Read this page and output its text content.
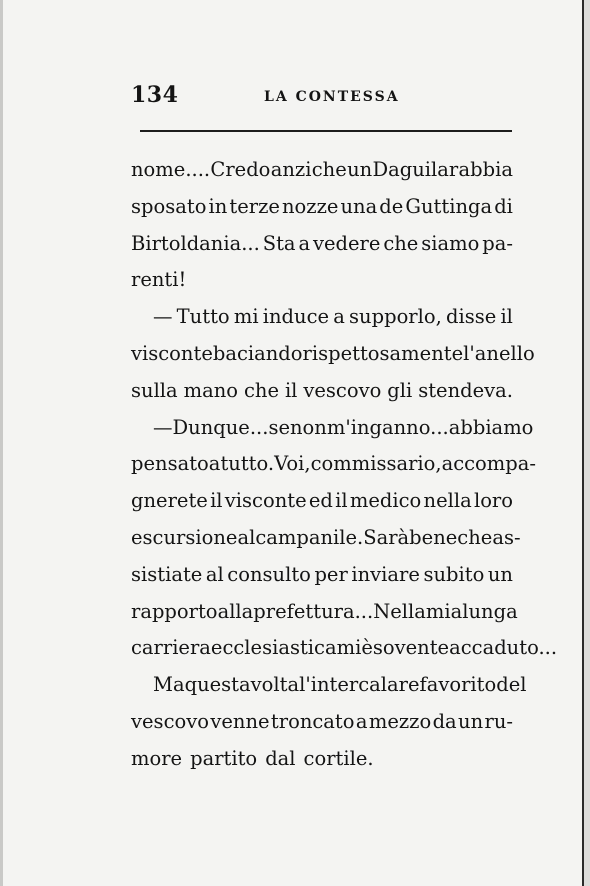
134	LA CONTESSA
nome.... Credo anzi che un Daguilar abbia
sposato in terze nozze una de Guttinga di
Birtoldania... Sta a vedere che siamo pa-
renti!
— Tutto mi induce a supporlo, disse il
visconte baciando rispettosamente l'anello
sulla mano che il vescovo gli stendeva.
— Dunque... se non m'inganno... abbiamo
pensato a tutto. Voi, commissario, accompa-
gnerete il visconte ed il medico nella loro
escursione al campanile. Sarà bene che as-
sistiate al consulto per inviare subito un
rapporto alla prefettura... Nella mia lunga
carriera ecclesiastica mi è sovente accaduto...
Ma questa volta l'intercalare favorito del
vescovo venne troncato a mezzo da un ru-
more partito dal cortile.
